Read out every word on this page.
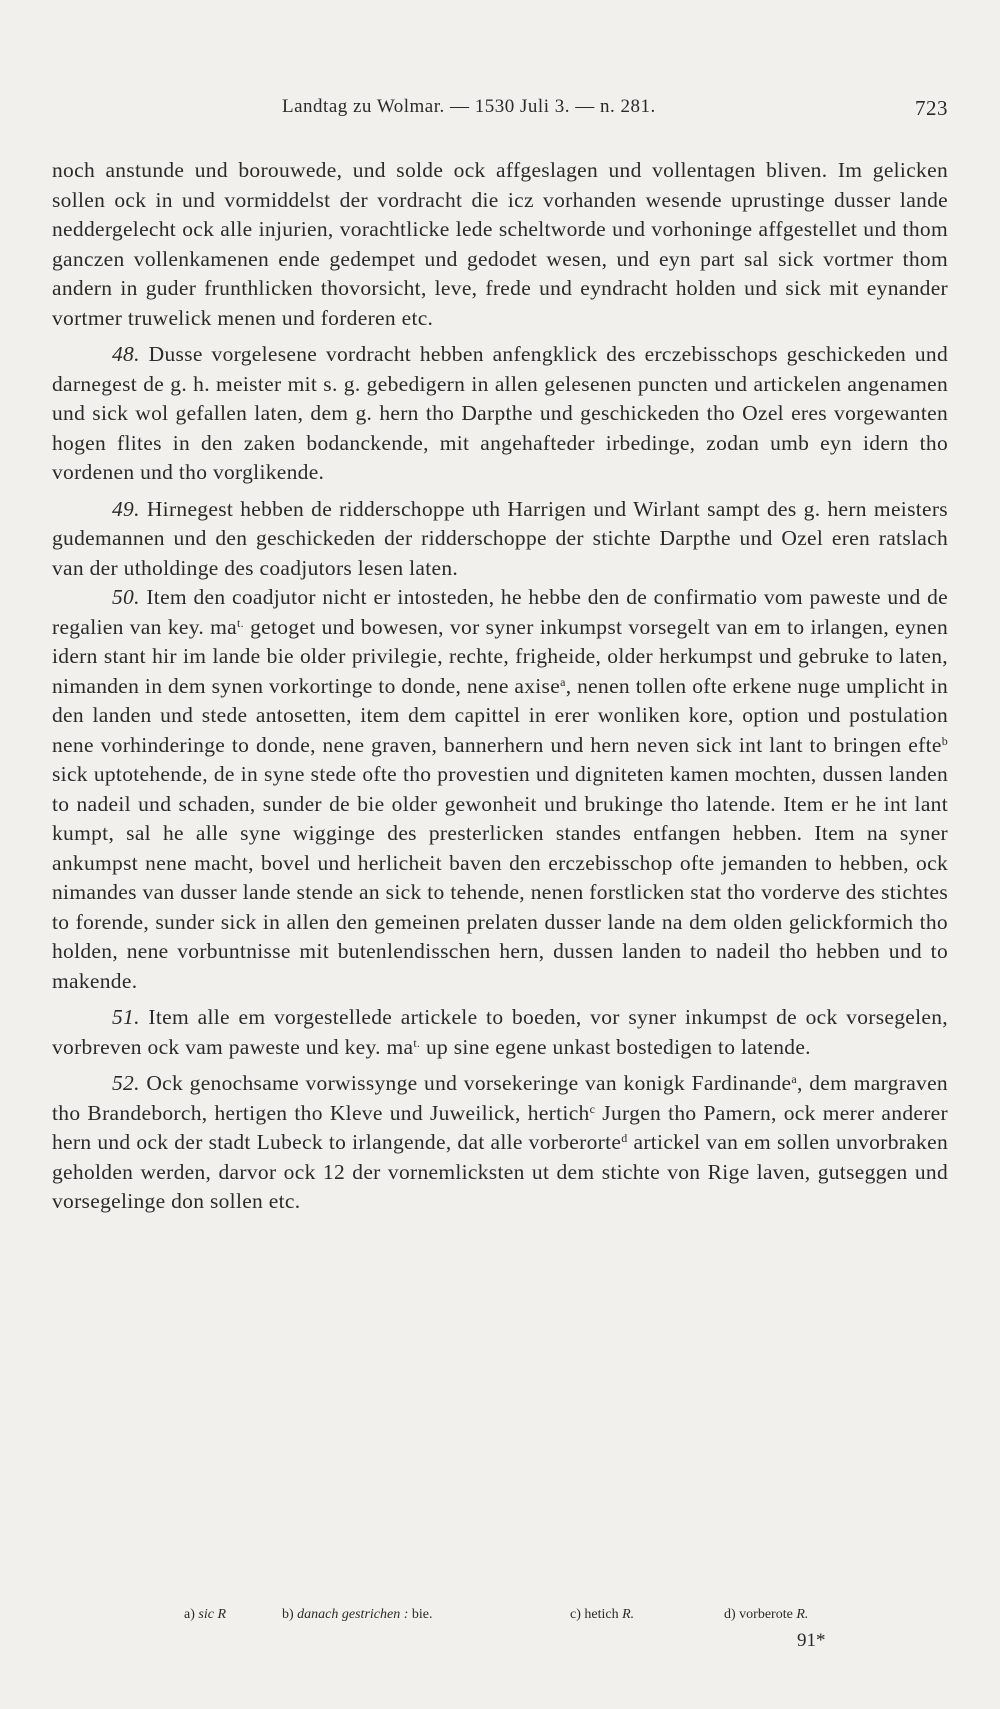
Landtag zu Wolmar. — 1530 Juli 3. — n. 281.	723

noch anstunde und borouwede, und solde ock affgeslagen und vollentagen bliven. Im gelicken sollen ock in und vormiddelst der vordracht die icz vorhanden wesende uprustinge dusser lande neddergelecht ock alle injurien, vorachtlicke lede scheltworde und vorhoninge affgestellet und thom ganczen vollenkamenen ende gedempet und gedodet wesen, und eyn part sal sick vortmer thom andern in guder frunthlicken thovorsicht, leve, frede und eyndracht holden und sick mit eynander vortmer truwelick menen und forderen etc.

48. Dusse vorgelesene vordracht hebben anfengklick des erczebisschops geschickeden und darnegest de g. h. meister mit s. g. gebedigern in allen gelesenen puncten und artickelen angenamen und sick wol gefallen laten, dem g. hern tho Darpthe und geschickeden tho Ozel eres vorgewanten hogen flites in den zaken bodanckende, mit angehafteder irbedinge, zodan umb eyn idern tho vordenen und tho vorglikende.

49. Hirnegest hebben de ridderschoppe uth Harrigen und Wirlant sampt des g. hern meisters gudemannen und den geschickeden der ridderschoppe der stichte Darpthe und Ozel eren ratslach van der utholdinge des coadjutors lesen laten.

50. Item den coadjutor nicht er intosteden, he hebbe den de confirmatio vom paweste und de regalien van key. $ma^{t.}$ getoget und bowesen, vor syner inkumpst vorsegelt van em to irlangen, eynen idern stant hir im lande bie older privilegie, rechte, frigheide, older herkumpst und gebruke to laten, nimanden in dem synen vorkortinge to donde, nene axise$^a$, nenen tollen ofte erkene nuge umplicht in den landen und stede antosetten, item dem capittel in erer wonliken kore, option und postulation nene vorhinderinge to donde, nene graven, bannerhern und hern neven sick int lant to bringen efte$^b$ sick uptotehende, de in syne stede ofte tho provestien und digniteten kamen mochten, dussen landen to nadeil und schaden, sunder de bie older gewonheit und brukinge tho latende. Item er he int lant kumpt, sal he alle syne wigginge des presterlicken standes entfangen hebben. Item na syner ankumpst nene macht, bovel und herlicheit baven den erczebisschop ofte jemanden to hebben, ock nimandes van dusser lande stende an sick to tehende, nenen forstlicken stat tho vorderve des stichtes to forende, sunder sick in allen den gemeinen prelaten dusser lande na dem olden gelickformich tho holden, nene vorbuntnisse mit butenlendisschen hern, dussen landen to nadeil tho hebben und to makende.

51. Item alle em vorgestellede artickele to boeden, vor syner inkumpst de ock vorsegelen, vorbreven ock vam paweste und key. $ma^{t.}$ up sine egene unkast bostedigen to latende.

52. Ock genochsame vorwissynge und vorsekeringe van konigk Fardinande$^a$, dem margraven tho Brandeborch, hertigen tho Kleve und Juweilick, hertich$^c$ Jurgen tho Pamern, ock merer anderer hern und ock der stadt Lubeck to irlangende, dat alle vorberorte$^d$ artickel van em sollen unvorbraken geholden werden, darvor ock 12 der vornemlicksten ut dem stichte von Rige laven, gutseggen und vorsegelinge don sollen etc.

a) sic R	b) danach gestrichen : bie.	c) hetich R.	d) vorberote R.
91*
